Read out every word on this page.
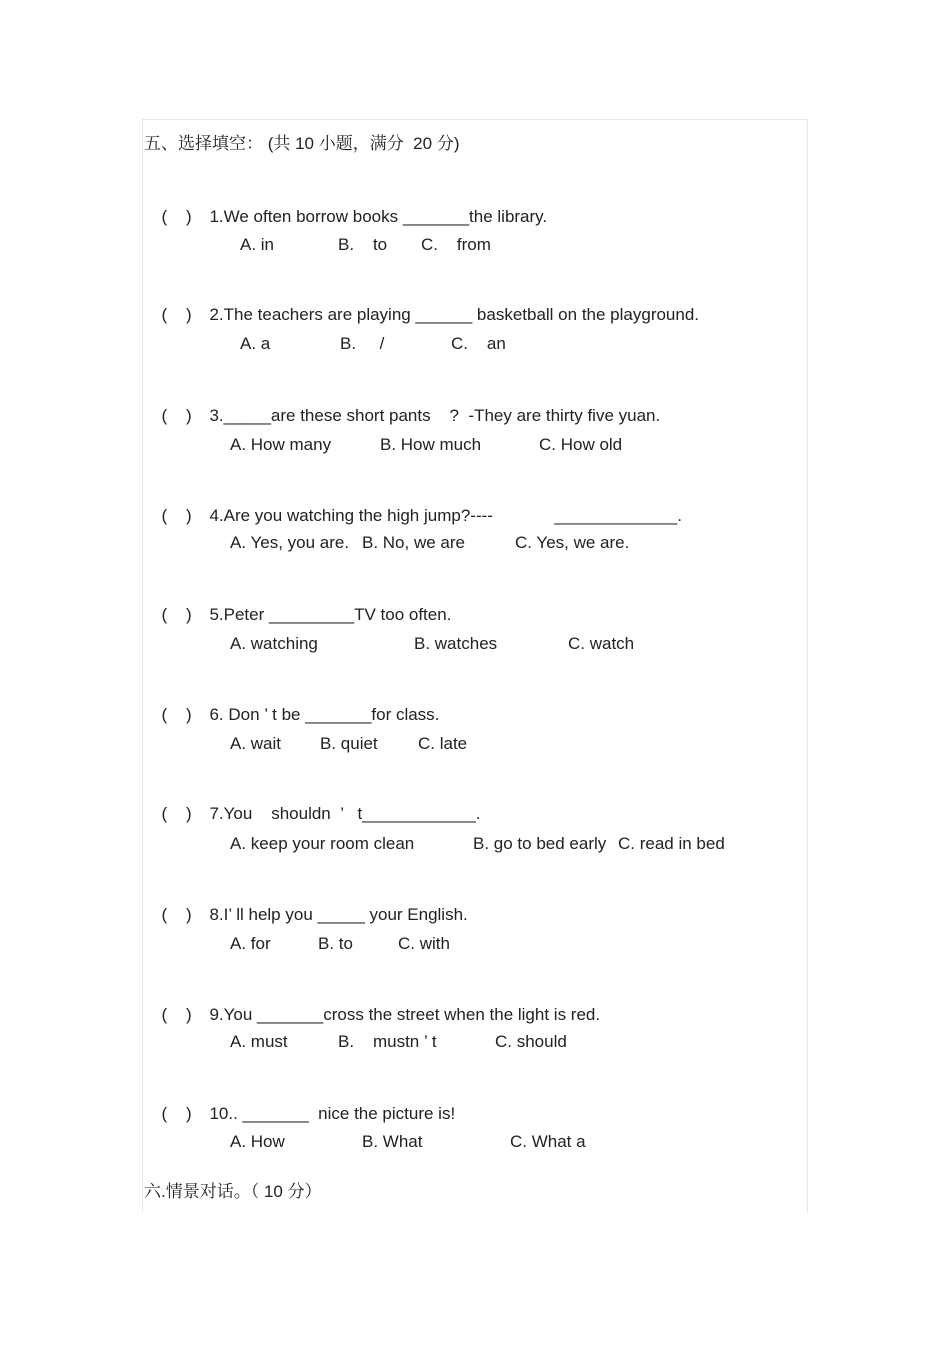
五、选择填空： (共 10 小题，满分  20 分)

(    ) 1.We often borrow books _______the library.

A. in	B.    to C.    from

(    ) 2.The teachers are playing ______ basketball on the playground.

A. a	B.     /	C.    an

(    ) 3._____are these short pants    ?  -They are thirty five yuan.

A. How many	B. How much	C. How old

(    ) 4.Are you watching the high jump?----             _____________.

A. Yes, you are. B. No, we are	C. Yes, we are.

(    ) 5.Peter _________TV too often.

A. watching	B. watches	C. watch

(    ) 6. Don ’ t be _______for class.

A. wait B. quiet C. late

(    ) 7.You    shouldn  ’   t____________.

A. keep your room clean	B. go to bed early C. read in bed

(    ) 8.I’ ll help you _____ your English.

A. for	B. to	C. with

(    ) 9.You _______cross the street when the light is red.

A. must	B.    mustn ’ t	C. should

(    ) 10.. _______  nice the picture is!

A. How	B. What	C. What a
六.情景对话。（ 10 分）
